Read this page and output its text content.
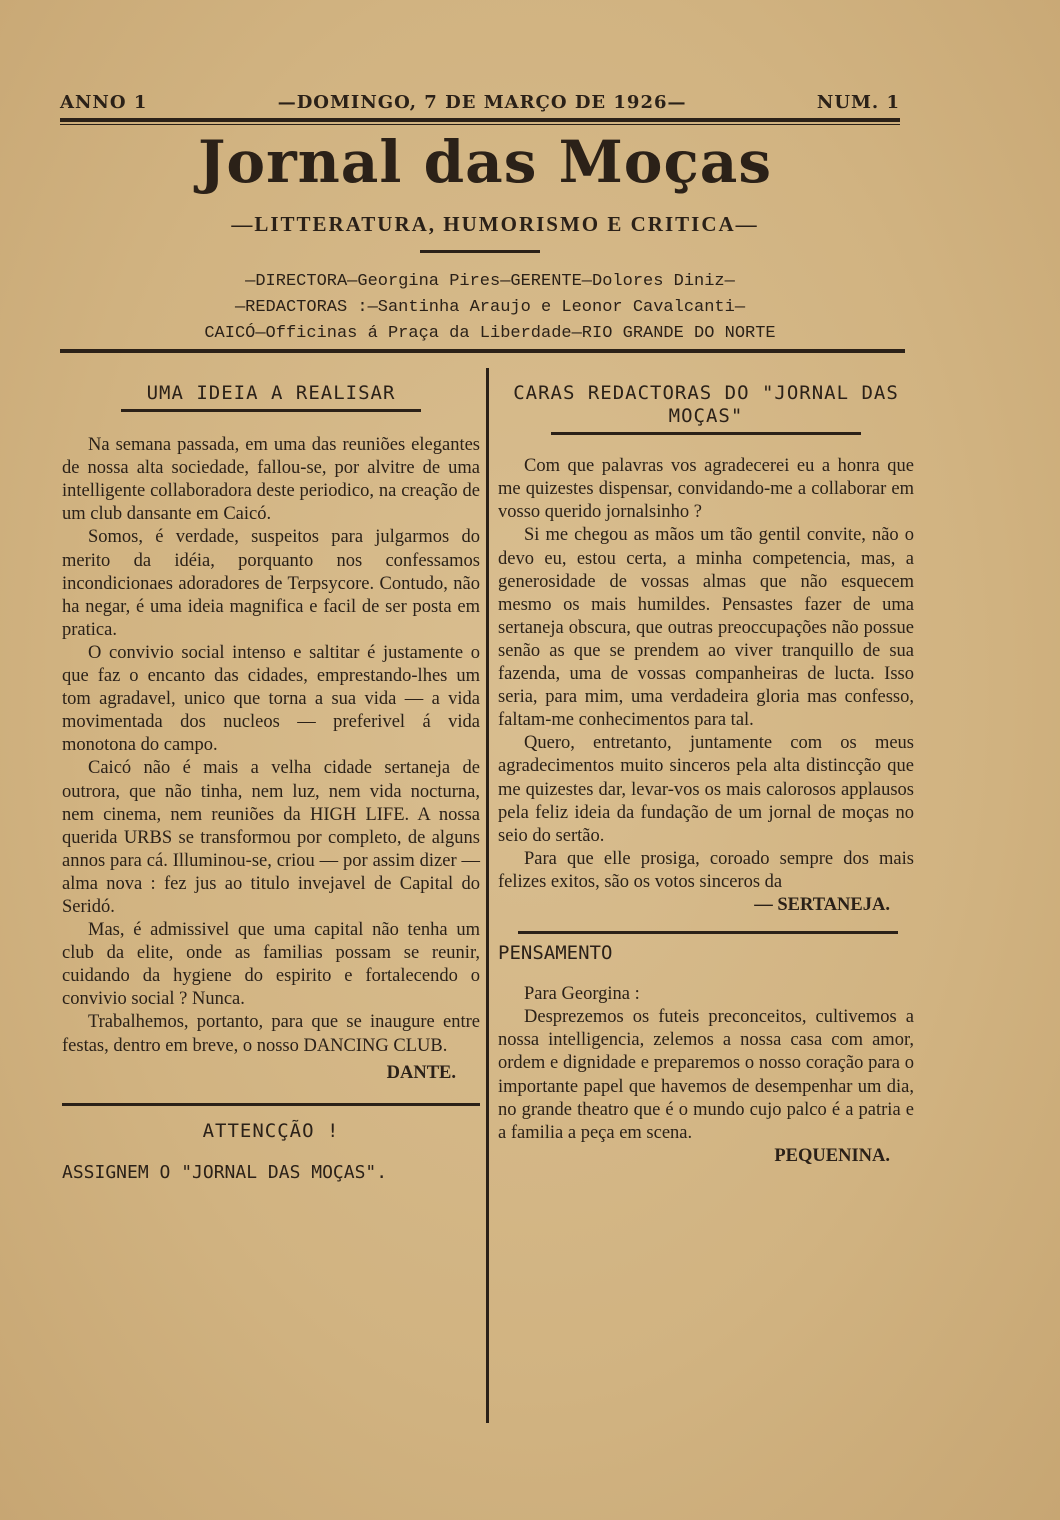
ANNO 1	—DOMINGO, 7 DE MARÇO DE 1926—	NUM. 1
Jornal das Moças
—LITTERATURA, HUMORISMO E CRITICA—
—DIRECTORA—Georgina Pires—GERENTE—Dolores Diniz—
—REDACTORAS :—Santinha Araujo e Leonor Cavalcanti—
CAICÓ—Officinas á Praça da Liberdade—RIO GRANDE DO NORTE
UMA IDEIA A REALISAR

Na semana passada, em uma das reuniões elegantes de nossa alta sociedade, fallou-se, por alvitre de uma intelligente collaboradora deste periodico, na creação de um club dansante em Caicó.

Somos, é verdade, suspeitos para julgarmos do merito da idéia, porquanto nos confessamos incondicionaes adoradores de Terpsycore. Contudo, não ha negar, é uma ideia magnifica e facil de ser posta em pratica.

O convivio social intenso e saltitar é justamente o que faz o encanto das cidades, emprestando-lhes um tom agradavel, unico que torna a sua vida — a vida movimentada dos nucleos — preferivel á vida monotona do campo.

Caicó não é mais a velha cidade sertaneja de outrora, que não tinha, nem luz, nem vida nocturna, nem cinema, nem reuniões da HIGH LIFE. A nossa querida URBS se transformou por completo, de alguns annos para cá. Illuminou-se, criou — por assim dizer — alma nova : fez jus ao titulo invejavel de Capital do Seridó.

Mas, é admissivel que uma capital não tenha um club da elite, onde as familias possam se reunir, cuidando da hygiene do espirito e fortalecendo o convivio social ? Nunca.

Trabalhemos, portanto, para que se inaugure entre festas, dentro em breve, o nosso DANCING CLUB.

DANTE.

ATTENCÇÃO !

ASSIGNEM O "JORNAL DAS MOÇAS".

CARAS REDACTORAS DO "JORNAL DAS MOÇAS"

Com que palavras vos agradecerei eu a honra que me quizestes dispensar, convidando-me a collaborar em vosso querido jornalsinho ?

Si me chegou as mãos um tão gentil convite, não o devo eu, estou certa, a minha competencia, mas, a generosidade de vossas almas que não esquecem mesmo os mais humildes. Pensastes fazer de uma sertaneja obscura, que outras preoccupações não possue senão as que se prendem ao viver tranquillo de sua fazenda, uma de vossas companheiras de lucta. Isso seria, para mim, uma verdadeira gloria mas confesso, faltam-me conhecimentos para tal.

Quero, entretanto, juntamente com os meus agradecimentos muito sinceros pela alta distincção que me quizestes dar, levar-vos os mais calorosos applausos pela feliz ideia da fundação de um jornal de moças no seio do sertão.

Para que elle prosiga, coroado sempre dos mais felizes exitos, são os votos sinceros da

— SERTANEJA.

PENSAMENTO

Para Georgina :

Desprezemos os futeis preconceitos, cultivemos a nossa intelligencia, zelemos a nossa casa com amor, ordem e dignidade e preparemos o nosso coração para o importante papel que havemos de desempenhar um dia, no grande theatro que é o mundo cujo palco é a patria e a familia a peça em scena.

PEQUENINA.
